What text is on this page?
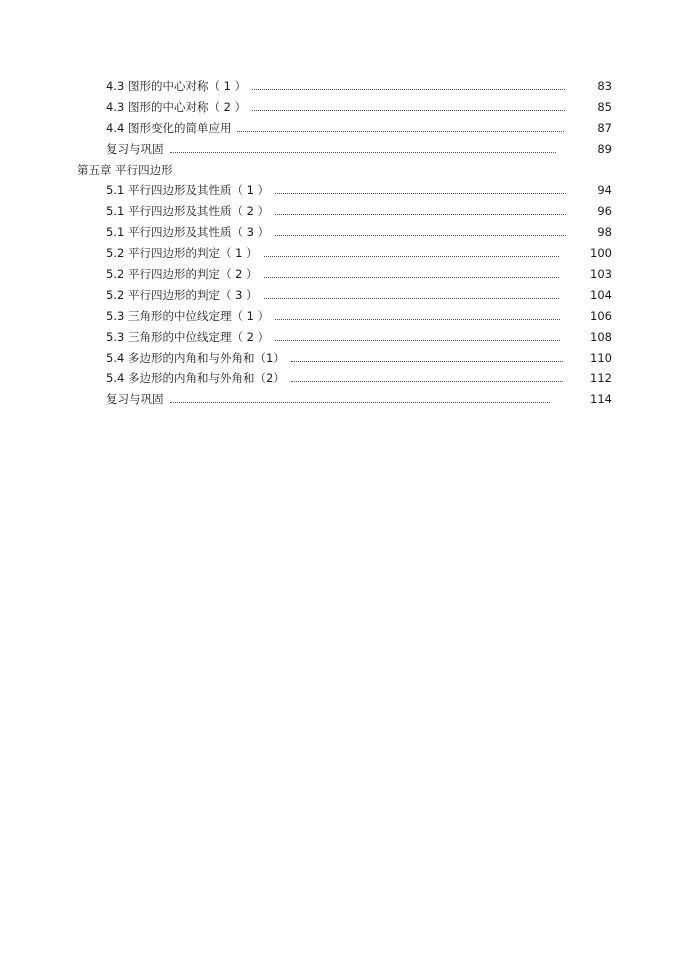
4.3 图形的中心对称（ 1 ）	83
4.3 图形的中心对称（ 2 ）	85
4.4 图形变化的简单应用	87
复习与巩固	89
第五章 平行四边形
5.1 平行四边形及其性质（ 1 ）	94
5.1 平行四边形及其性质（ 2 ）	96
5.1 平行四边形及其性质（ 3 ）	98
5.2 平行四边形的判定（ 1 ）	100
5.2 平行四边形的判定（ 2 ）	103
5.2 平行四边形的判定（ 3 ）	104
5.3 三角形的中位线定理（ 1 ）	106
5.3 三角形的中位线定理（ 2 ）	108
5.4 多边形的内角和与外角和（1）	110
5.4 多边形的内角和与外角和（2）	112
复习与巩固	114
